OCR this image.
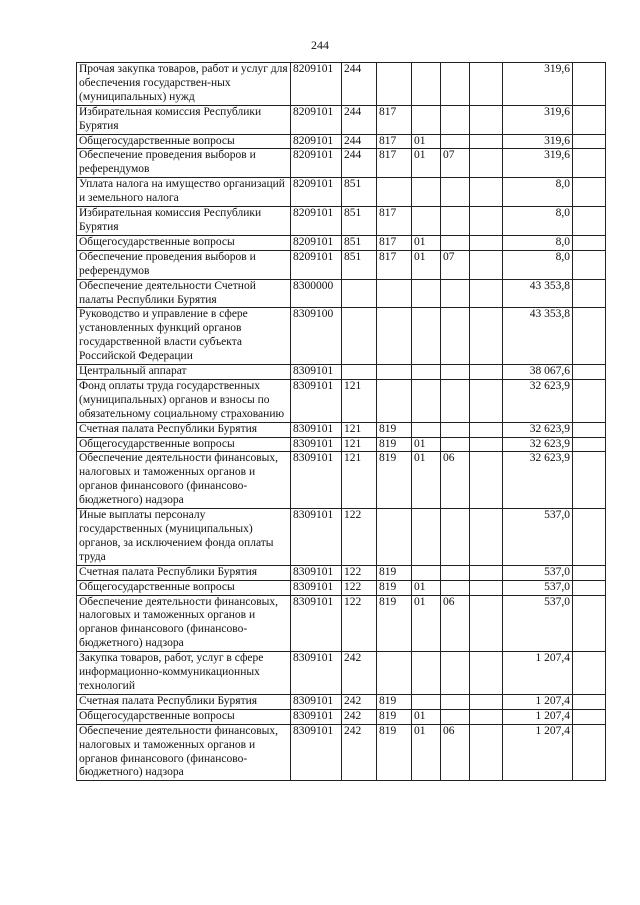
244
Прочая закупка товаров, работ и услуг для обеспечения государствен-ных (муниципальных) нужд	8209101	244					319,6	

Избирательная комиссия Республики Бурятия	8209101	244	817				319,6	

Общегосударственные вопросы	8209101	244	817	01			319,6	

Обеспечение проведения выборов и референдумов	8209101	244	817	01	07		319,6	

Уплата налога на имущество организаций и земельного налога	8209101	851					8,0	

Избирательная комиссия Республики Бурятия	8209101	851	817				8,0	

Общегосударственные вопросы	8209101	851	817	01			8,0	

Обеспечение проведения выборов и референдумов	8209101	851	817	01	07		8,0	

Обеспечение деятельности Счетной палаты Республики Бурятия	8300000						43 353,8	

Руководство и управление в сфере установленных функций органов государственной власти субъекта Российской Федерации	8309100						43 353,8	

Центральный аппарат	8309101						38 067,6	

Фонд оплаты труда государственных (муниципальных) органов и взносы по обязательному социальному страхованию	8309101	121					32 623,9	

Счетная палата Республики Бурятия	8309101	121	819				32 623,9	

Общегосударственные вопросы	8309101	121	819	01			32 623,9	

Обеспечение деятельности финансовых, налоговых и таможенных органов и органов финансового (финансово-бюджетного) надзора	8309101	121	819	01	06		32 623,9	

Иные выплаты персоналу государственных (муниципальных) органов, за исключением фонда оплаты труда	8309101	122					537,0	

Счетная палата Республики Бурятия	8309101	122	819				537,0	

Общегосударственные вопросы	8309101	122	819	01			537,0	

Обеспечение деятельности финансовых, налоговых и таможенных органов и органов финансового (финансово-бюджетного) надзора	8309101	122	819	01	06		537,0	

Закупка товаров, работ, услуг в сфере информационно-коммуникационных технологий	8309101	242					1 207,4	

Счетная палата Республики Бурятия	8309101	242	819				1 207,4	

Общегосударственные вопросы	8309101	242	819	01			1 207,4	

Обеспечение деятельности финансовых, налоговых и таможенных органов и органов финансового (финансово-бюджетного) надзора	8309101	242	819	01	06		1 207,4	
